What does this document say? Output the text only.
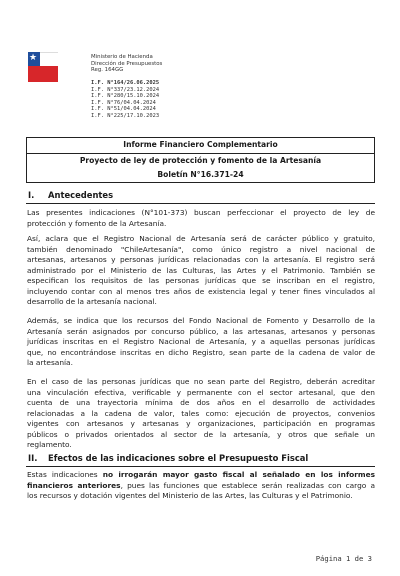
★	Ministerio de Hacienda
Dirección de Presupuestos
Reg. 164GG
I.F. N°164/26.06.2025
I.F. N°337/23.12.2024
I.F. N°280/15.10.2024
I.F. N°76/04.04.2024
I.F. N°51/04.04.2024
I.F. N°225/17.10.2023
Informe Financiero Complementario
Proyecto de ley de protección y fomento de la Artesanía
Boletín N°16.371-24
I. Antecedentes
Las presentes indicaciones (N°101-373) buscan perfeccionar el proyecto de ley de
protección y fomento de la Artesanía.
Así, aclara que el Registro Nacional de Artesanía será de carácter público y gratuito,
también denominado "ChileArtesanía", como único registro a nivel nacional de
artesanas, artesanos y personas jurídicas relacionadas con la artesanía. El registro será
administrado por el Ministerio de las Culturas, las Artes y el Patrimonio. También se
especifican los requisitos de las personas jurídicas que se inscriban en el registro,
incluyendo contar con al menos tres años de existencia legal y tener fines vinculados al
desarrollo de la artesanía nacional.
Además, se indica que los recursos del Fondo Nacional de Fomento y Desarrollo de la
Artesanía serán asignados por concurso público, a las artesanas, artesanos y personas
jurídicas inscritas en el Registro Nacional de Artesanía, y a aquellas personas jurídicas
que, no encontrándose inscritas en dicho Registro, sean parte de la cadena de valor de
la artesanía.
En el caso de las personas jurídicas que no sean parte del Registro, deberán acreditar
una vinculación efectiva, verificable y permanente con el sector artesanal, que den
cuenta de una trayectoria mínima de dos años en el desarrollo de actividades
relacionadas a la cadena de valor, tales como: ejecución de proyectos, convenios
vigentes con artesanos y artesanas y organizaciones, participación en programas
públicos o privados orientados al sector de la artesanía, y otros que señale un
reglamento.
II. Efectos de las indicaciones sobre el Presupuesto Fiscal
Estas indicaciones no irrogarán mayor gasto fiscal al señalado en los informes
financieros anteriores, pues las funciones que establece serán realizadas con cargo a
los recursos y dotación vigentes del Ministerio de las Artes, las Culturas y el Patrimonio.
Página 1 de 3
